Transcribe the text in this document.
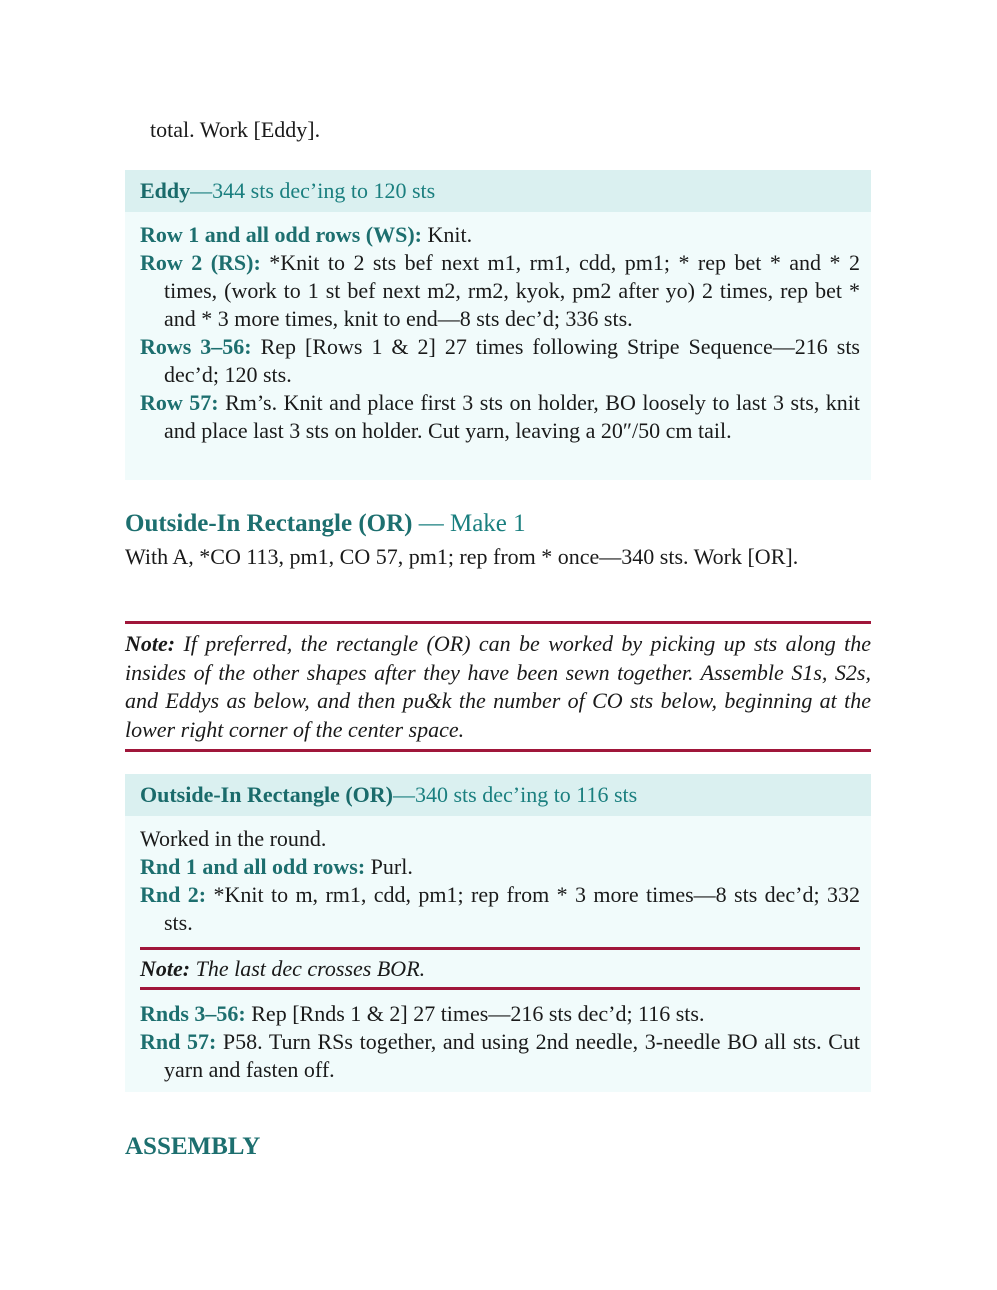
total. Work [Eddy].
Eddy—344 sts dec’ing to 120 sts
Row 1 and all odd rows (WS): Knit.
Row 2 (RS): *Knit to 2 sts bef next m1, rm1, cdd, pm1; * rep bet * and * 2 times, (work to 1 st bef next m2, rm2, kyok, pm2 after yo) 2 times, rep bet * and * 3 more times, knit to end—8 sts dec’d; 336 sts.
Rows 3–56: Rep [Rows 1 & 2] 27 times following Stripe Sequence—216 sts dec’d; 120 sts.
Row 57: Rm’s. Knit and place first 3 sts on holder, BO loosely to last 3 sts, knit and place last 3 sts on holder. Cut yarn, leaving a 20″/50 cm tail.
Outside-In Rectangle (OR) — Make 1
With A, *CO 113, pm1, CO 57, pm1; rep from * once—340 sts. Work [OR].
Note: If preferred, the rectangle (OR) can be worked by picking up sts along the insides of the other shapes after they have been sewn together. Assemble S1s, S2s, and Eddys as below, and then pu&k the number of CO sts below, beginning at the lower right corner of the center space.
Outside-In Rectangle (OR)—340 sts dec’ing to 116 sts
Worked in the round.
Rnd 1 and all odd rows: Purl.
Rnd 2: *Knit to m, rm1, cdd, pm1; rep from * 3 more times—8 sts dec’d; 332 sts.
Note: The last dec crosses BOR.
Rnds 3–56: Rep [Rnds 1 & 2] 27 times—216 sts dec’d; 116 sts.
Rnd 57: P58. Turn RSs together, and using 2nd needle, 3-needle BO all sts. Cut yarn and fasten off.
ASSEMBLY
